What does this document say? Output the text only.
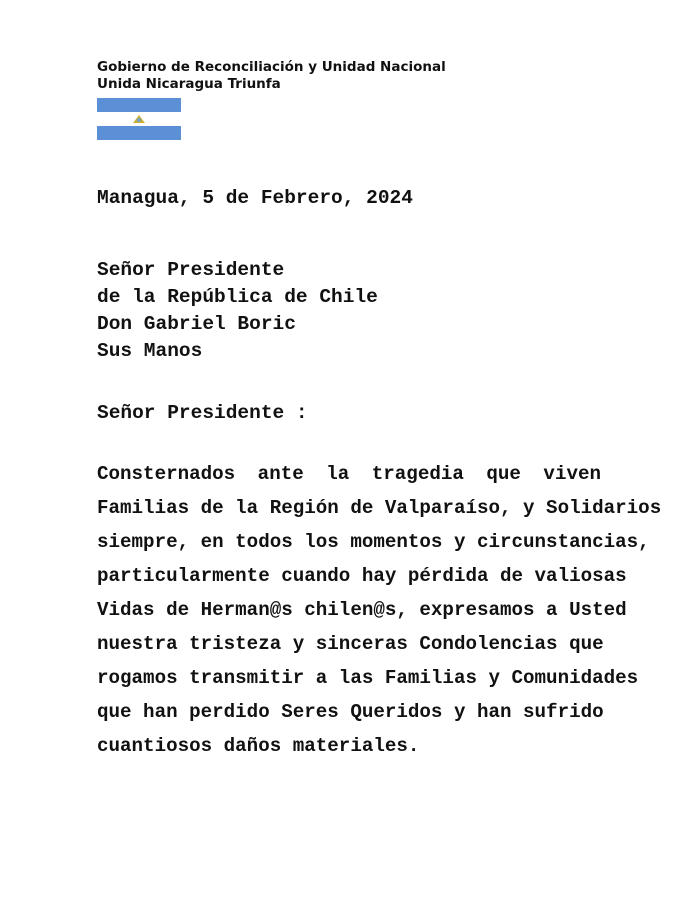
Gobierno de Reconciliación y Unidad Nacional
Unida Nicaragua Triunfa
Managua, 5 de Febrero, 2024
Señor Presidente
de la República de Chile
Don Gabriel Boric
Sus Manos
Señor Presidente :
Consternados ante la tragedia que viven
Familias de la Región de Valparaíso, y Solidarios
siempre, en todos los momentos y circunstancias,
particularmente cuando hay pérdida de valiosas
Vidas de Herman@s chilen@s, expresamos a Usted
nuestra tristeza y sinceras Condolencias que
rogamos transmitir a las Familias y Comunidades
que han perdido Seres Queridos y han sufrido
cuantiosos daños materiales.
